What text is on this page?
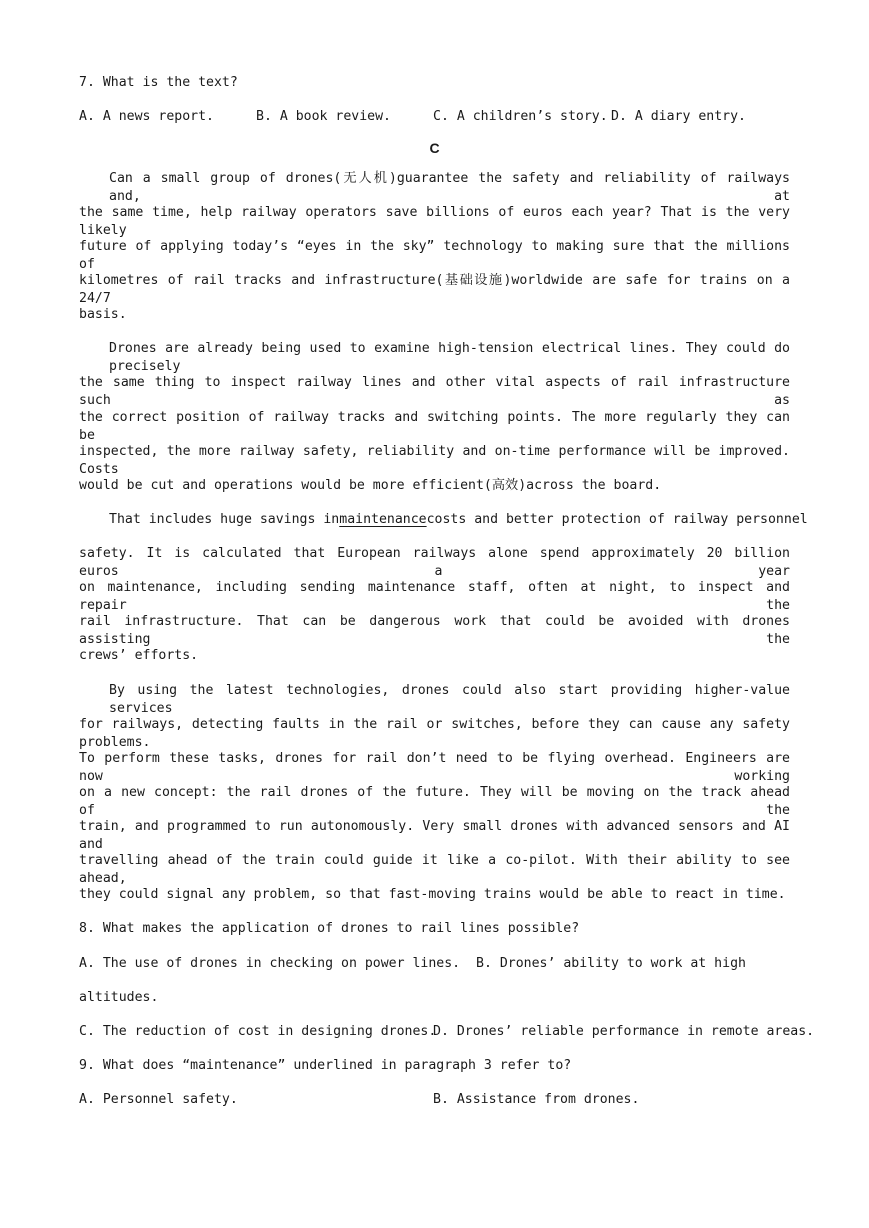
7. What is the text?
A. A news report.	B. A book review.	C. A children’s story. D. A diary entry.
C
Can a small group of drones(无人机)guarantee the safety and reliability of railways and, at
the same time, help railway operators save billions of euros each year? That is the very likely
future of applying today’s “eyes in the sky” technology to making sure that the millions of
kilometres of rail tracks and infrastructure(基础设施)worldwide are safe for trains on a 24/7
basis.
Drones are already being used to examine high-tension electrical lines. They could do precisely
the same thing to inspect railway lines and other vital aspects of rail infrastructure such as
the correct position of railway tracks and switching points. The more regularly they can be
inspected, the more railway safety, reliability and on-time performance will be improved. Costs
would be cut and operations would be more efficient(高效)across the board.
That includes huge savings in maintenance costs and better protection of railway personnel
safety. It is calculated that European railways alone spend approximately 20 billion euros a year
on maintenance, including sending maintenance staff, often at night, to inspect and repair the
rail infrastructure. That can be dangerous work that could be avoided with drones assisting the
crews’ efforts.
By using the latest technologies, drones could also start providing higher-value services
for railways, detecting faults in the rail or switches, before they can cause any safety problems.
To perform these tasks, drones for rail don’t need to be flying overhead. Engineers are now working
on a new concept: the rail drones of the future. They will be moving on the track ahead of the
train, and programmed to run autonomously. Very small drones with advanced sensors and AI and
travelling ahead of the train could guide it like a co-pilot. With their ability to see ahead,
they could signal any problem, so that fast-moving trains would be able to react in time.
8. What makes the application of drones to rail lines possible?
A. The use of drones in checking on power lines. B. Drones’ ability to work at high
altitudes.
C. The reduction of cost in designing drones.
D. Drones’ reliable performance in remote areas.
9. What does “maintenance” underlined in paragraph 3 refer to?
A. Personnel safety.	B. Assistance from drones.
